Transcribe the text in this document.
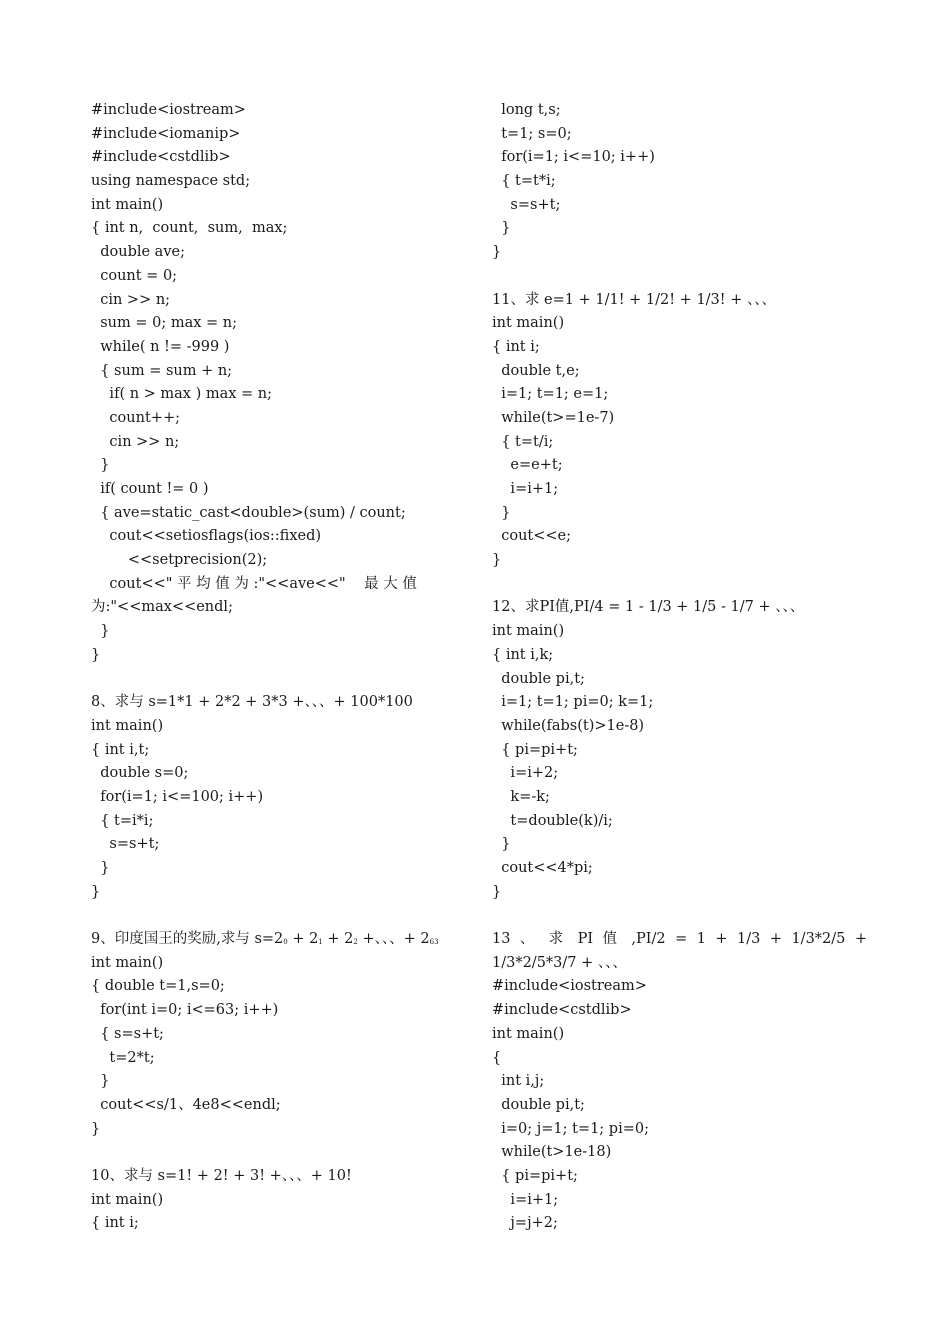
#include<iostream>
#include<iomanip>
#include<cstdlib>
using namespace std;
int main()
{ int n,  count,  sum,  max;
double ave;
count = 0;
cin >> n;
sum = 0; max = n;
while( n != -999 )
{ sum = sum + n;
if( n > max ) max = n;
count++;
cin >> n;
}
if( count != 0 )
{ ave=static_cast<double>(sum) / count;
cout<<setiosflags(ios::fixed)
<<setprecision(2);
cout<<" 平 均 值 为 :"<<ave<<"    最 大 值
为:"<<max<<endl;
}
}
8、求与 s=1*1 + 2*2 + 3*3 +、、、+ 100*100
int main()
{ int i,t;
double s=0;
for(i=1; i<=100; i++)
{ t=i*i;
s=s+t;
}
}
9、印度国王的奖励,求与 $s=2^0 + 2^1 + 2^2$ +、、、+ $2^{63}$
int main()
{ double t=1,s=0;
for(int i=0; i<=63; i++)
{ s=s+t;
t=2*t;
}
cout<<s/1、4e8<<endl;
}
10、求与 s=1! + 2! + 3! +、、、+ 10!
int main()
{ int i;
long t,s;
t=1; s=0;
for(i=1; i<=10; i++)
{ t=t*i;
s=s+t;
}
}
11、求 e=1 + 1/1! + 1/2! + 1/3! + 、、、
int main()
{ int i;
double t,e;
i=1; t=1; e=1;
while(t>=1e-7)
{ t=t/i;
e=e+t;
i=i+1;
}
cout<<e;
}
12、求PI值,PI/4 = 1 - 1/3 + 1/5 - 1/7 + 、、、
int main()
{ int i,k;
double pi,t;
i=1; t=1; pi=0; k=1;
while(fabs(t)>1e-8)
{ pi=pi+t;
i=i+2;
k=-k;
t=double(k)/i;
}
cout<<4*pi;
}
13 、 求 PI 值 ,PI/2 = 1 + 1/3 + 1/3*2/5 +
1/3*2/5*3/7 + 、、、
#include<iostream>
#include<cstdlib>
int main()
{
int i,j;
double pi,t;
i=0; j=1; t=1; pi=0;
while(t>1e-18)
{ pi=pi+t;
i=i+1;
j=j+2;
